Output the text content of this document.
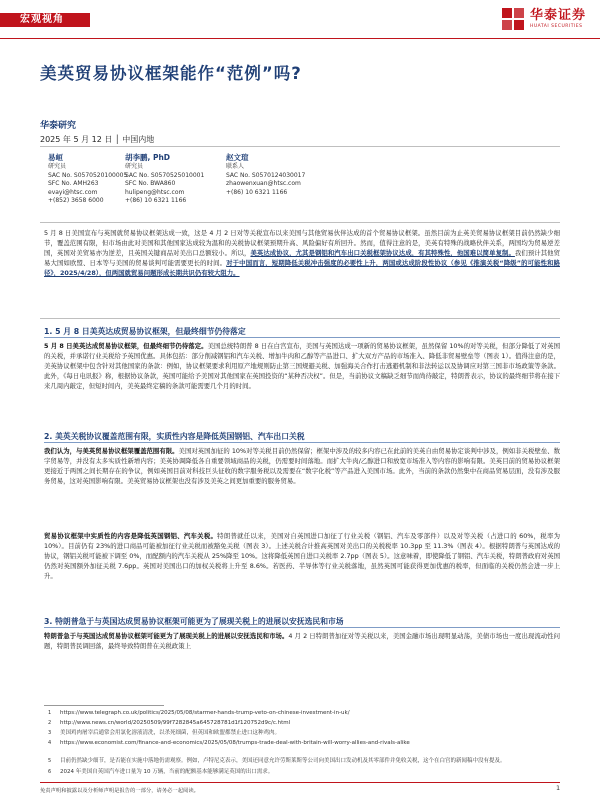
宏观视角	华泰证券
HUATAI SECURITIES
美英贸易协议框架能作“范例”吗?
华泰研究
2025 年 5 月 12 日 │ 中国内地
易峘
研究员
SAC No. S0570520100005
SFC No. AMH263
evayi@htsc.com
+(852) 3658 6000
胡李鹏, PhD
研究员
SAC No. S0570525010001
SFC No. BWA860
hulipeng@htsc.com
+(86) 10 6321 1166
赵文瑄
联系人
SAC No. S0570124030017
zhaowenxuan@htsc.com
+(86) 10 6321 1166
5 月 8 日美国宣布与英国就贸易协议框架达成一致，这是 4 月 2 日对等关税宣布以来美国与其他贸易伙伴达成的首个贸易协议框架。虽然目前为止英美贸易协议框架目前仍然缺少细节，覆盖范围有限，但市场由此对美国和其他国家达成较为温和的关税协议框架预期升高、风险偏好有所回升。然而，值得注意的是，美英有特殊的战略伙伴关系，两国均为贸易逆差国，英国对美贸易亦为逆差，且英国关键商品对美出口总额较小。所以，美英达成协议，尤其是钢铝和汽车出口关税框架协议达成，有其特殊性，他国难以简单复制。我们预计其他贸易大国如欧盟、日本等与美国的贸易谈判可能需要更长的时间。对于中国而言，短期降低关税冲击强度的必要性上升，两国或达成阶段性协议（参见《推演关税“降级”的可能性和路径》，2025/4/28），但两国就贸易问题形成长期共识仍有较大阻力。
1. 5 月 8 日美英达成贸易协议框架，但最终细节仍待落定
5 月 8 日美英达成贸易协议框架，但最终细节仍待落定。美国总统特朗普 8 日在白宫宣布，美国与英国达成一项新的贸易协议框架，虽然保留 10%的对等关税，但部分降低了对英国的关税，并承诺行业关税给予英国优惠。具体包括：部分削减钢铝和汽车关税、增加牛肉和乙醇等产品进口、扩大双方产品的市场准入、降低非贸易壁垒等（图表 1）。值得注意的是，美英协议框架中包含针对其他国家的条款：例如，协议框架要求利用原产地规则防止第三国规避关税、加强海关合作打击逃避机制和非法转运以及协调应对第三国非市场政策等条款。此外，《每日电讯报》称，根据协议条款，英国可能给予美国对其他国家在英国投资的“某种否决权”。但是，当前协议文稿缺乏细节而尚待敲定，特朗普表示，协议的最终细节将在接下来几周内敲定，但短时间内，美英最终定稿的条款可能需要几个月的时间。
2. 美英关税协议覆盖范围有限，实质性内容是降低英国钢铝、汽车出口关税
我们认为，与美英贸易协议框架覆盖范围有限。美国对英国加征的 10%对等关税目前仍然保留；框架中涉及的较多内容已在此前的美英自由贸易协定谈判中涉及，例如非关税壁垒、数字贸易等，并没有太多实质性新增内容；美英协调降低各自重要领域商品的关税，仍需要时间落地。而扩大牛肉/乙醇进口和放宽市场准入等内容的影响有限。美英目前的贸易协议框架更接近于两国之间长期存在的争议，例如英国目前对科技巨头征收的数字服务税以及需要在“数字化税”等产品进入美国市场。此外，当前的条款仍然集中在商品贸易层面，没有涉及服务贸易，这对英国影响有限。美英贸易协议框架也没有涉及美英之间更加重要的服务贸易。
贸易协议框架中实质性的内容是降低英国钢铝、汽车关税。特朗普就任以来，美国对自英国进口加征了行业关税（钢铝、汽车及零部件）以及对等关税（占进口的 60%，税率为 10%）。目前仍有 23%的进口商品可能被加征行业关税而被豁免关税（图表 3）。上述关税合计推高英国对美出口的关税税率 10.3pp 至 11.3%（图表 4）。根据特朗普与英国达成的协议，钢铝关税可能被下调至 0%，而配额内的汽车关税从 25%降至 10%。这将降低英国自进口关税率 2.7pp（图表 5）。这意味着，即使降低了钢铝、汽车关税，特朗普政府对英国仍然对英国额外加征关税 7.6pp。英国对美国出口的加权关税将上升至 8.6%。若医药、半导体等行业关税落地，虽然英国可能获得更加优惠的税率，但面临的关税仍然会进一步上升。
3. 特朗普急于与英国达成贸易协议框架可能更为了展现关税上的进展以安抚选民和市场
特朗普急于与英国达成贸易协议框架可能更为了展现关税上的进展以安抚选民和市场。4 月 2 日特朗普加征对等关税以来，美国金融市场出现明显动荡，美债市场也一度出现流动性问题，特朗普民调回落，最终导致特朗普在关税政策上
1 https://www.telegraph.co.uk/politics/2025/05/08/starmer-hands-trump-veto-on-chinese-investment-in-uk/
2 http://www.news.cn/world/20250509/99f7282845a645728781d1f120752d9c/c.html
3 美国鸡肉屠宰后通常会用氯化溶液清洗，以杀死细菌，但英国和欧盟都禁止进口这种鸡肉。
4 https://www.economist.com/finance-and-economics/2025/05/08/trumps-trade-deal-with-britain-will-worry-allies-and-rivals-alike
5 目前仍然缺少细节，是否能在实施中落地仍需观察。例如，卢特尼克表示，美国还同意允许劳斯莱斯等公司向美国出口发动机及其零部件并免收关税，这个在白宫的新闻稿中没有提及。
6 2024 年美国自英国汽车进口量为 10 万辆，当前的配额基本能够满足英国的出口需求。
免责声明和披露以及分析师声明是报告的一部分，请务必一起阅读。	1
